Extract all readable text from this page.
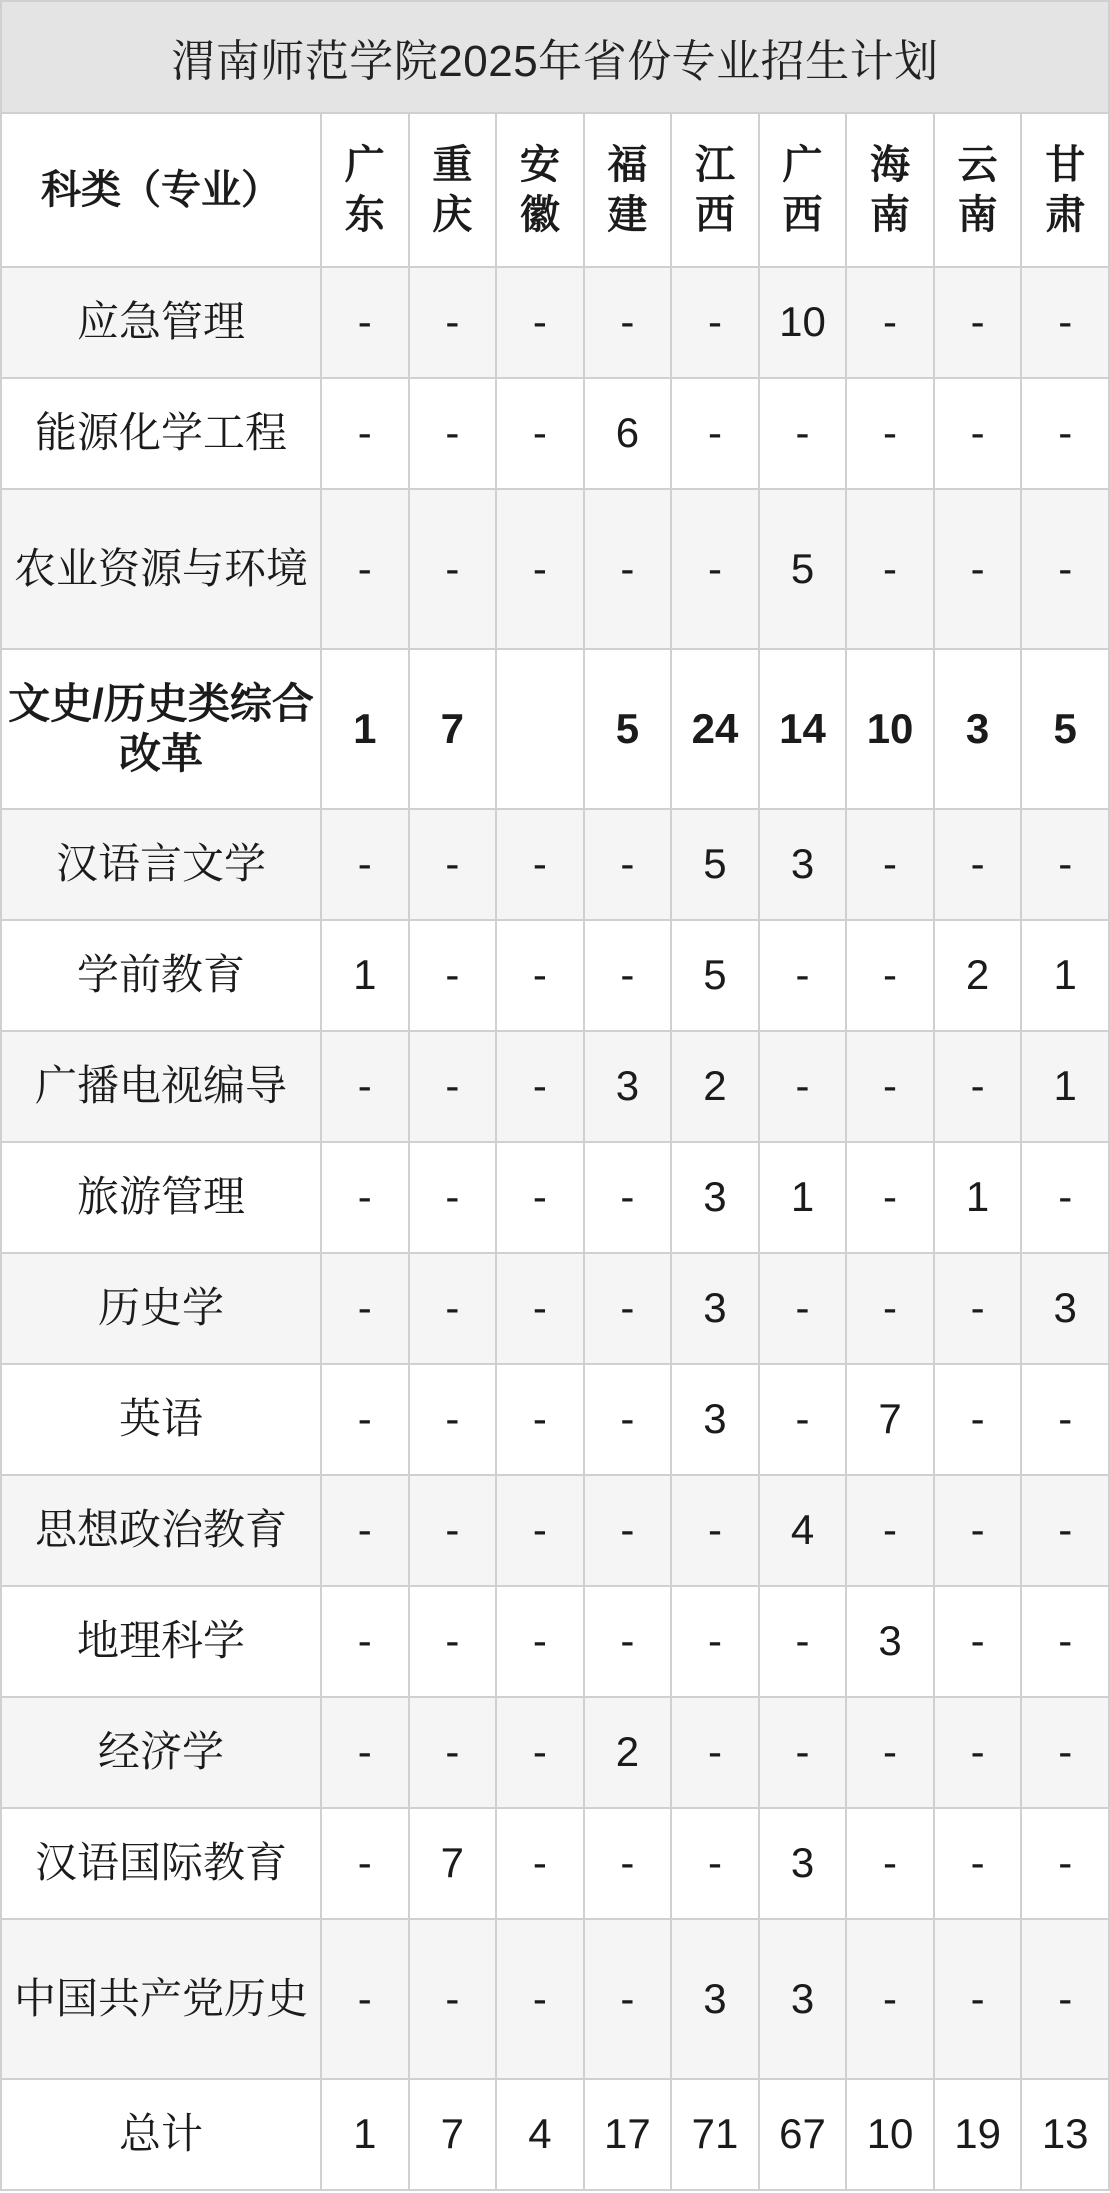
渭南师范学院2025年省份专业招生计划									
科类（专业）	广东	重庆	安徽	福建	江西	广西	海南	云南	甘肃
应急管理	-	-	-	-	-	10	-	-	-
能源化学工程	-	-	-	6	-	-	-	-	-
农业资源与环境	-	-	-	-	-	5	-	-	-
文史/历史类综合改革	1	7		5	24	14	10	3	5
汉语言文学	-	-	-	-	5	3	-	-	-
学前教育	1	-	-	-	5	-	-	2	1
广播电视编导	-	-	-	3	2	-	-	-	1
旅游管理	-	-	-	-	3	1	-	1	-
历史学	-	-	-	-	3	-	-	-	3
英语	-	-	-	-	3	-	7	-	-
思想政治教育	-	-	-	-	-	4	-	-	-
地理科学	-	-	-	-	-	-	3	-	-
经济学	-	-	-	2	-	-	-	-	-
汉语国际教育	-	7	-	-	-	3	-	-	-
中国共产党历史	-	-	-	-	3	3	-	-	-
总计	1	7	4	17	71	67	10	19	13
